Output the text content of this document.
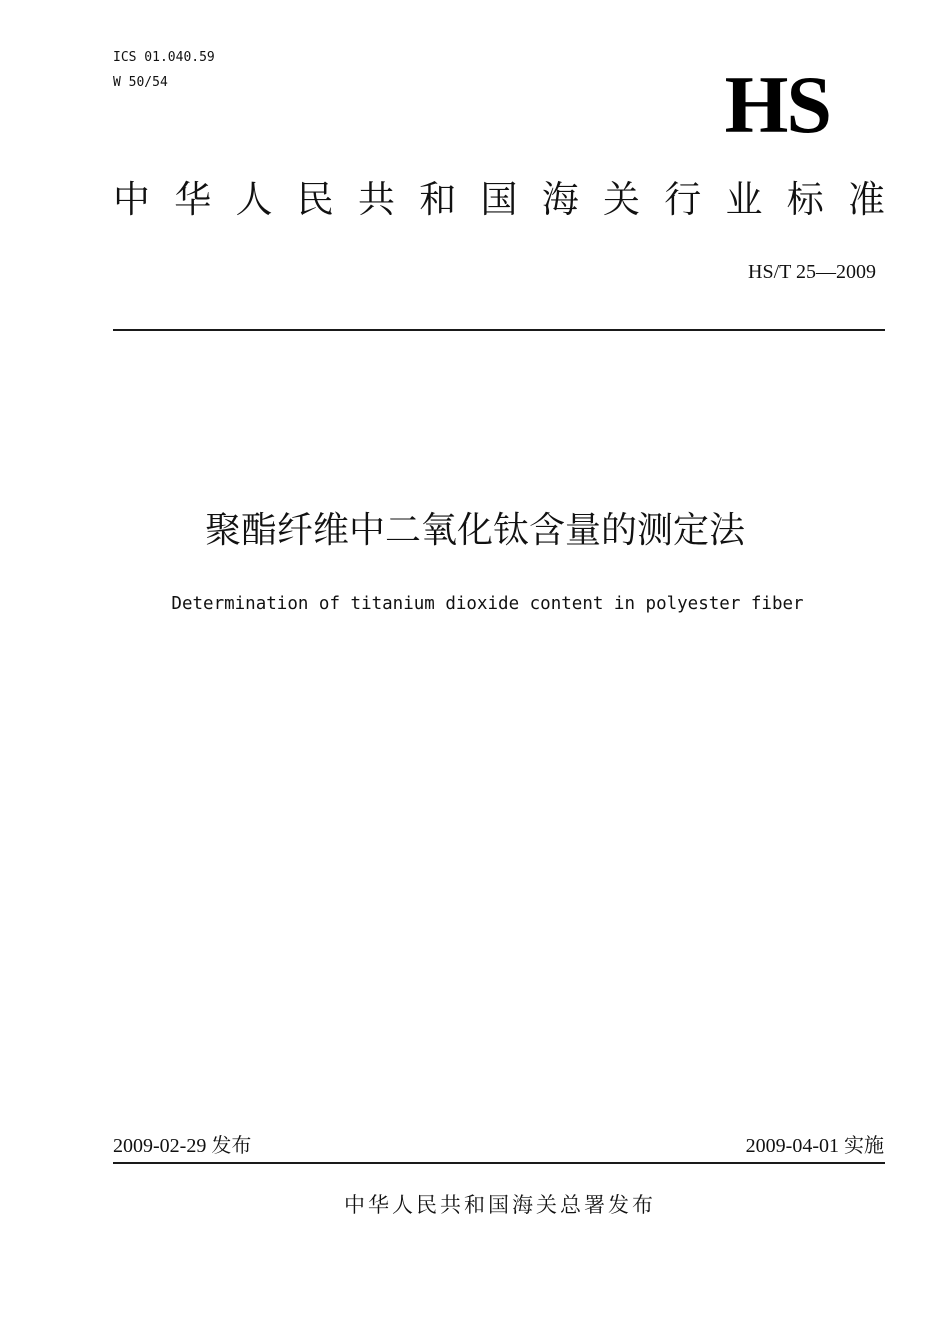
ICS 01.040.59
W 50/54	HS
中 华 人 民 共 和 国 海 关 行 业 标 准
HS/T 25—2009
聚酯纤维中二氧化钛含量的测定法
Determination of titanium dioxide content in polyester fiber
2009-02-29 发布	2009-04-01 实施
中华人民共和国海关总署发布
